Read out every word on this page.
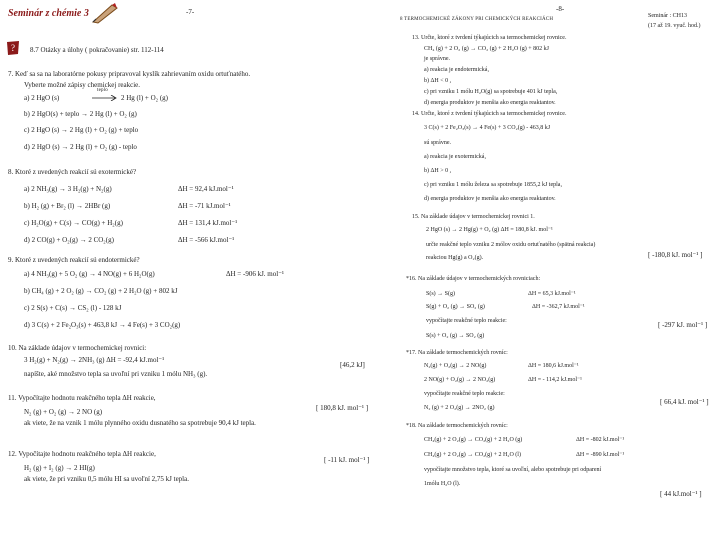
Seminár z chémie 3	-7-
? 8.7 Otázky a úlohy ( pokračovanie) str. 112-114
7. Keď sa sa na laboratórne pokusy pripravoval kyslík zahrievaním oxidu ortuťnatého.
Vyberte možné zápisy chemickej reakcie.
a) 2 HgO (s)
teplo
→ 2 Hg (l) + O₂ (g)
b) 2 HgO(s) + teplo → 2 Hg (l) + O₂ (g)
c) 2 HgO (s) → 2 Hg (l) + O₂ (g) + teplo
d) 2 HgO (s) → 2 Hg (l) + O₂ (g) - teplo
8. Ktoré z uvedených reakcií sú exotermické?
a) 2 NH₃(g) → 3 H₂(g) + N₂(g)	ΔH = 92,4 kJ.mol⁻¹
b) H₂ (g) + Br₂ (l) → 2HBr (g)	ΔH = -71 kJ.mol⁻¹
c) H₂O(g) + C(s) → CO(g) + H₂(g)	ΔH = 131,4 kJ.mol⁻¹
d) 2 CO(g) + O₂(g) → 2 CO₂(g)	ΔH = -566 kJ.mol⁻¹
9. Ktoré z uvedených reakcií sú endotermické?
a) 4 NH₃(g) + 5 O₂ (g) → 4 NO(g) + 6 H₂O(g)	ΔH = -906 kJ. mol⁻¹
b) CH₄ (g) + 2 O₂ (g) → CO₂ (g) + 2 H₂O (g) + 802 kJ
c) 2 S(s) + C(s) → CS₂ (l) - 128 kJ
d) 3 C(s) + 2 Fe₂O₃(s) + 463,8 kJ → 4 Fe(s) + 3 CO₂(g)
10. Na základe údajov v termochemickej rovnici:
3 H₂(g) + N₂(g) → 2NH₃ (g) ΔH = -92,4 kJ.mol⁻¹
napíšte, aké množstvo tepla sa uvoľní pri vzniku 1 mólu NH₃ (g).
[46,2 kJ]
11. Vypočítajte hodnotu reakčného tepla ΔH reakcie,
N₂ (g) + O₂ (g) → 2 NO (g)
ak viete, že na vznik 1 mólu plynného oxidu dusnatého sa spotrebuje 90,4 kJ tepla.
[ 180,8 kJ. mol⁻¹ ]
12. Vypočítajte hodnotu reakčného tepla ΔH reakcie,
H₂ (g) + I₂ (g) → 2 HI(g)
ak viete, že pri vzniku 0,5 mólu HI sa uvoľní 2,75 kJ tepla.
[ -11 kJ. mol⁻¹ ]
8 TERMOCHEMICKÉ ZÁKONY PRI CHEMICKÝCH REAKCIÁCH
-8-
Seminár : CH13
(17 až 19. vyuč. hod.)
13. Určte, ktoré z tvrdení týkajúcich sa termochemickej rovnice.
CH₄ (g) + 2 O₂ (g) → CO₂ (g) + 2 H₂O (g) + 802 kJ
je správne.
a) reakcia je endotermická,
b) ΔH < 0 ,
c) pri vzniku 1 mólu H₂O(g) sa spotrebuje 401 kJ tepla,
d) energia produktov je menšia ako energia reaktantov.
14. Určte, ktoré z tvrdení týkajúcich sa termochemickej rovnice.
3 C(s) + 2 Fe₂O₃(s) → 4 Fe(s) + 3 CO₂(g) - 463,8 kJ
sú správne.
a) reakcia je exotermická,
b) ΔH > 0 ,
c) pri vzniku 1 mólu železa sa spotrebuje 1855,2 kJ tepla,
d) energia produktov je menšia ako energia reaktantov.
15. Na základe údajov v termochemickej rovnici 1.
2 HgO (s) → 2 Hg(g) + O₂ (g) ΔH = 180,8 kJ. mol⁻¹
určte reakčné teplo vzniku 2 mólov oxidu ortuťnatého (spätná reakcia)
reakciou Hg(g) a O₂(g).	[ -180,8 kJ. mol⁻¹ ]
*16. Na základe údajov v termochemických rovniciach:
S(s) → S(g)	ΔH = 65,3 kJ.mol⁻¹
S(g) + O₂ (g) → SO₂ (g)	ΔH = -362,7 kJ.mol⁻¹
vypočítajte reakčné teplo reakcie:
S(s) + O₂ (g) → SO₂ (g)
[ -297 kJ. mol⁻¹ ]
*17. Na základe termochemických rovníc:
N₂(g) + O₂(g) → 2 NO(g)	ΔH = 180,6 kJ.mol⁻¹
2 NO(g) + O₂(g) → 2 NO₂(g)	ΔH = - 114,2 kJ.mol⁻¹
vypočítajte reakčné teplo reakcie:
N₂ (g) + 2 O₂(g) → 2NO₂ (g)
[ 66,4 kJ. mol⁻¹ ]
*18. Na základe termochemických rovníc:
CH₄(g) + 2 O₂(g) → CO₂(g) + 2 H₂O (g)	ΔH = -802 kJ.mol⁻¹
CH₄(g) + 2 O₂(g) → CO₂(g) + 2 H₂O (l)	ΔH = -890 kJ.mol⁻¹
vypočítajte množstvo tepla, ktoré sa uvoľní, alebo spotrebuje pri odparení
1mólu H₂O (l).
[ 44 kJ.mol⁻¹ ]
